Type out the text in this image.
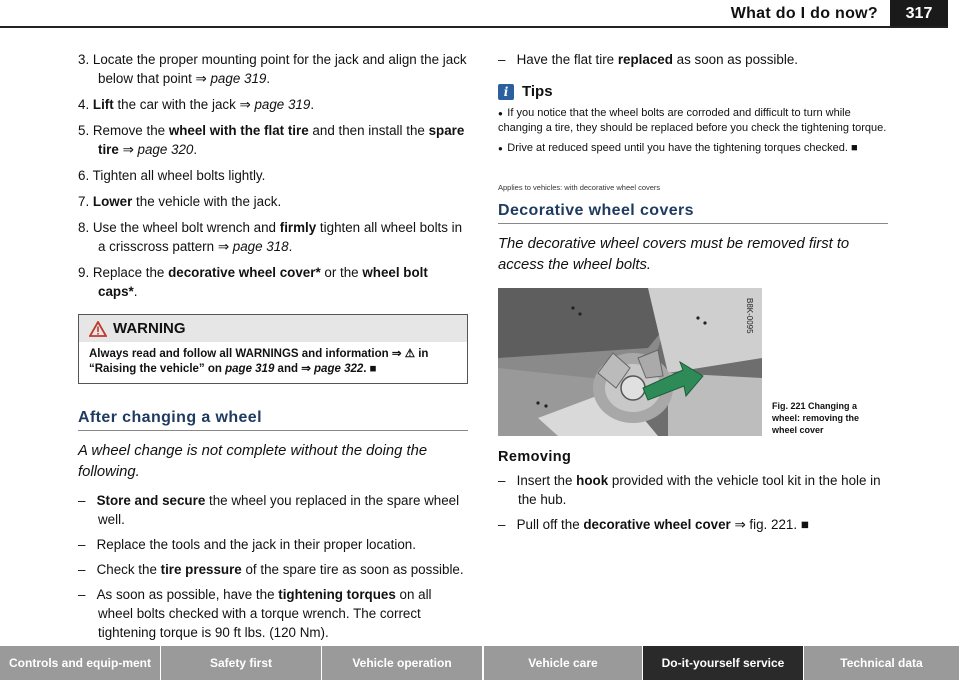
What do I do now?	317
3. Locate the proper mounting point for the jack and align the jack below that point ⇒ page 319.
4. Lift the car with the jack ⇒ page 319.
5. Remove the wheel with the flat tire and then install the spare tire ⇒ page 320.
6. Tighten all wheel bolts lightly.
7. Lower the vehicle with the jack.
8. Use the wheel bolt wrench and firmly tighten all wheel bolts in a crisscross pattern ⇒ page 318.
9. Replace the decorative wheel cover* or the wheel bolt caps*.
WARNING
Always read and follow all WARNINGS and information ⇒ ⚠ in “Raising the vehicle” on page 319 and ⇒ page 322. ■
After changing a wheel
A wheel change is not complete without the doing the following.
–   Store and secure the wheel you replaced in the spare wheel well.
–   Replace the tools and the jack in their proper location.
–   Check the tire pressure of the spare tire as soon as possible.
–   As soon as possible, have the tightening torques on all wheel bolts checked with a torque wrench. The correct tightening torque is 90 ft lbs. (120 Nm).
–   Have the flat tire replaced as soon as possible.
i Tips
●  If you notice that the wheel bolts are corroded and difficult to turn while changing a tire, they should be replaced before you check the tightening torque.
●  Drive at reduced speed until you have the tightening torques checked. ■
Applies to vehicles: with decorative wheel covers
Decorative wheel covers
The decorative wheel covers must be removed first to access the wheel bolts.
B8K-0095
Fig. 221 Changing a wheel: removing the wheel cover
Removing
–   Insert the hook provided with the vehicle tool kit in the hole in the hub.
–   Pull off the decorative wheel cover ⇒ fig. 221. ■
Controls and equip-ment	Safety first	Vehicle operation	Vehicle care	Do-it-yourself service	Technical data
